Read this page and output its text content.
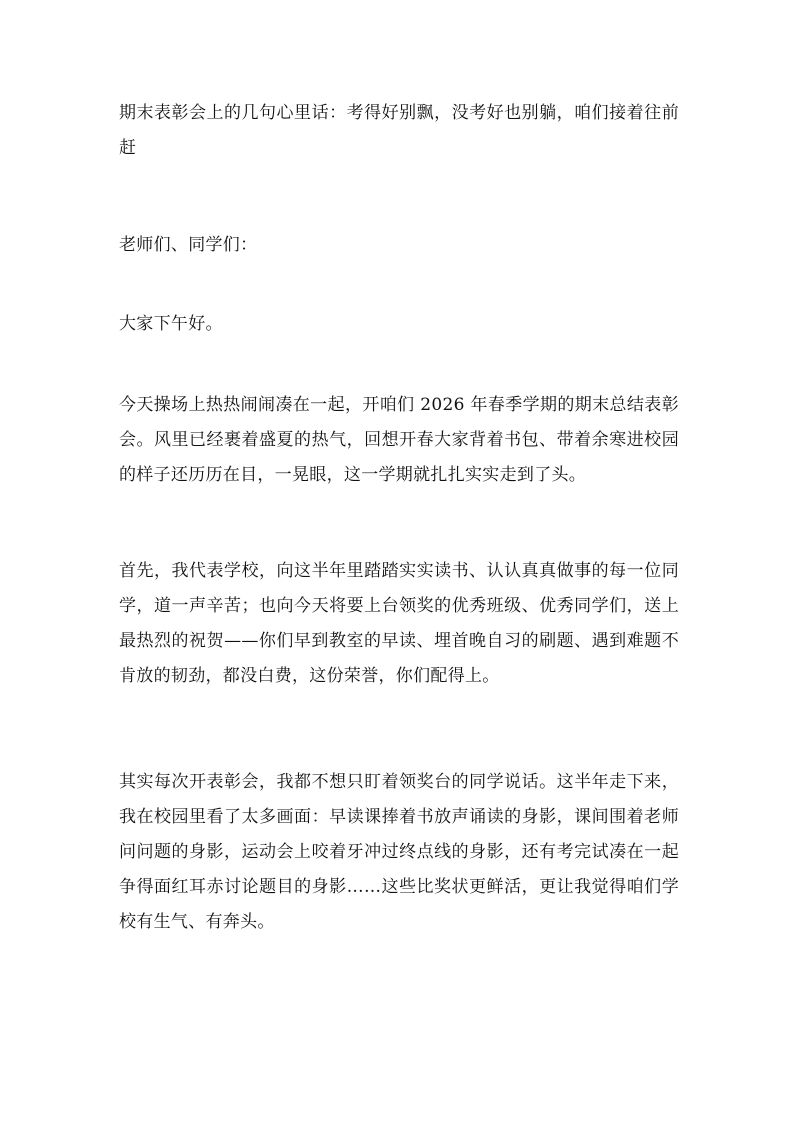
期末表彰会上的几句心里话：考得好别飘，没考好也别躺，咱们接着往前赶

老师们、同学们：

大家下午好。

今天操场上热热闹闹凑在一起，开咱们 2026 年春季学期的期末总结表彰会。风里已经裹着盛夏的热气，回想开春大家背着书包、带着余寒进校园的样子还历历在目，一晃眼，这一学期就扎扎实实走到了头。

首先，我代表学校，向这半年里踏踏实实读书、认认真真做事的每一位同学，道一声辛苦；也向今天将要上台领奖的优秀班级、优秀同学们，送上最热烈的祝贺——你们早到教室的早读、埋首晚自习的刷题、遇到难题不肯放的韧劲，都没白费，这份荣誉，你们配得上。

其实每次开表彰会，我都不想只盯着领奖台的同学说话。这半年走下来，我在校园里看了太多画面：早读课捧着书放声诵读的身影，课间围着老师问问题的身影，运动会上咬着牙冲过终点线的身影，还有考完试凑在一起争得面红耳赤讨论题目的身影……这些比奖状更鲜活，更让我觉得咱们学校有生气、有奔头。
